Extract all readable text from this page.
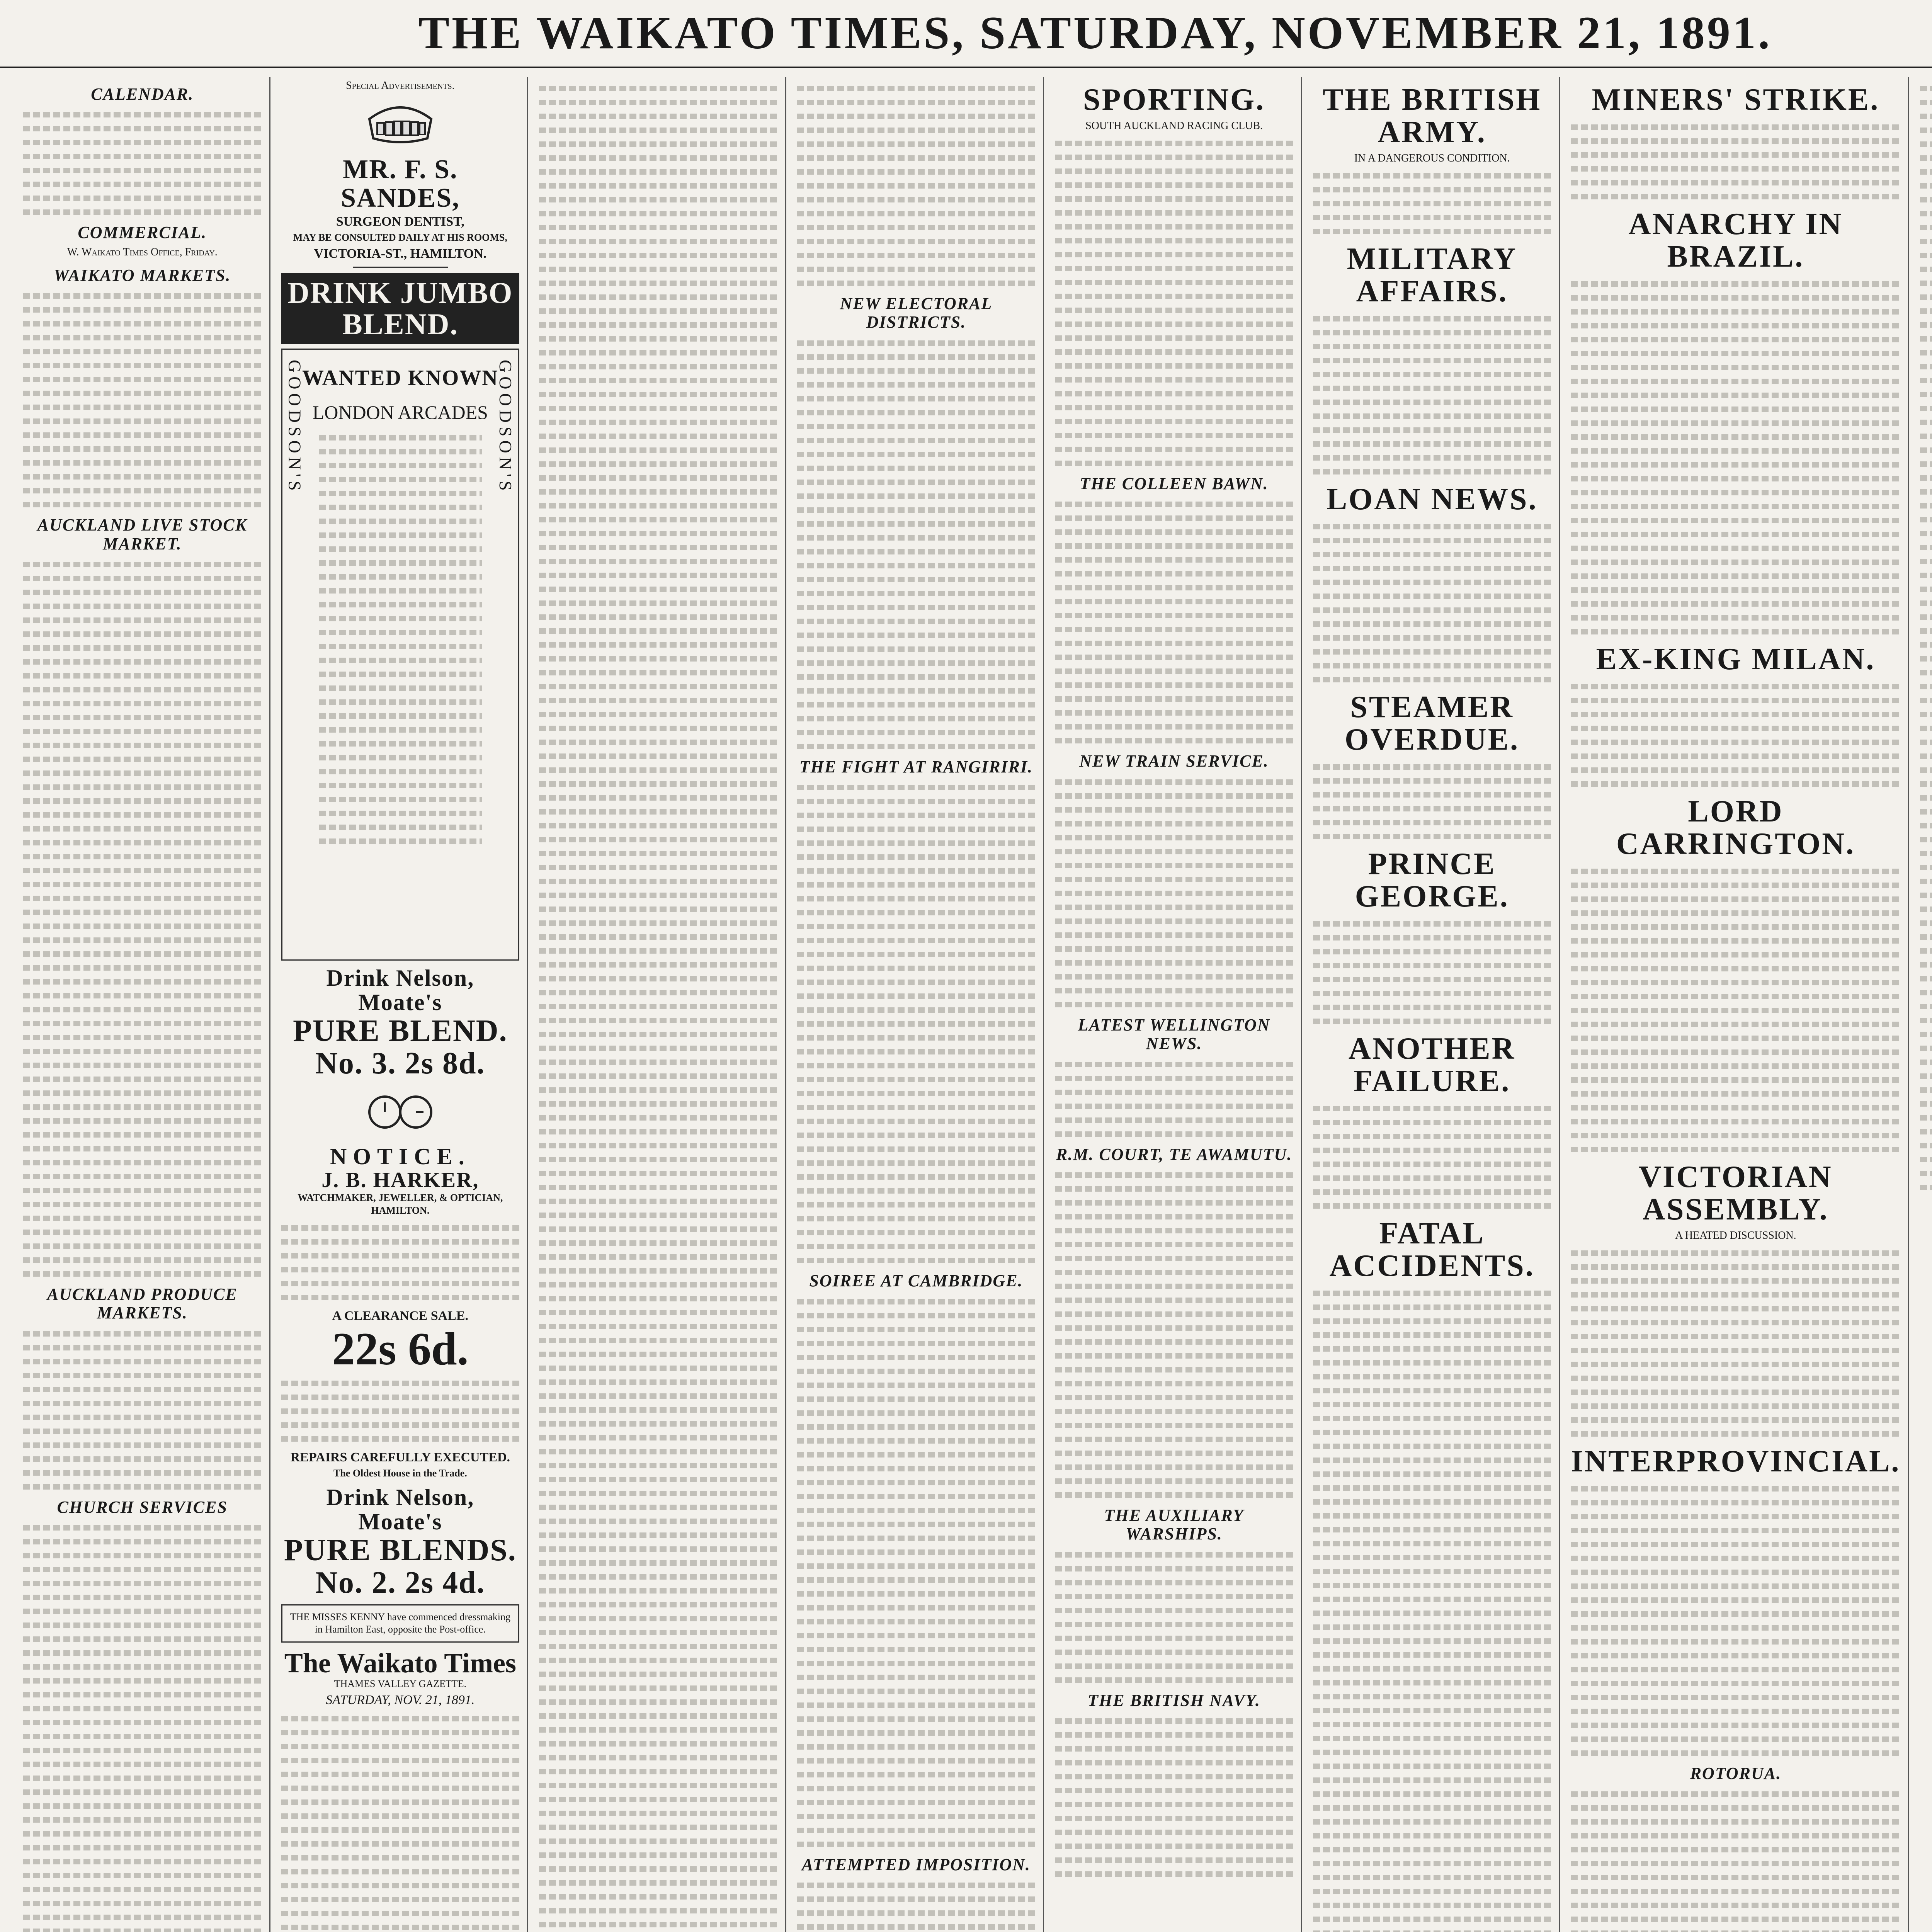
THE WAIKATO TIMES, SATURDAY, NOVEMBER 21, 1891.
CALENDAR.
COMMERCIAL.
W. Waikato Times Office, Friday.
WAIKATO MARKETS.
AUCKLAND LIVE STOCK MARKET.
AUCKLAND PRODUCE MARKETS.
CHURCH SERVICES
Special Advertisements.
MR. F. S. SANDES,
SURGEON DENTIST,
MAY BE CONSULTED DAILY AT HIS ROOMS,
VICTORIA-ST., HAMILTON.
DRINK JUMBO BLEND.
GOODSON'S	GOODSON'S
WANTED KNOWN
LONDON ARCADES
Drink Nelson, Moate's
PURE BLEND.
No. 3. 2s 8d.
NOTICE.
J. B. HARKER,
WATCHMAKER, JEWELLER, & OPTICIAN, HAMILTON.
A CLEARANCE SALE.
22s 6d.
REPAIRS CAREFULLY EXECUTED.
The Oldest House in the Trade.
Drink Nelson, Moate's
PURE BLENDS.
No. 2. 2s 4d.
THE MISSES KENNY have commenced dressmaking in Hamilton East, opposite the Post-office.
The Waikato Times
THAMES VALLEY GAZETTE.
SATURDAY, NOV. 21, 1891.
NEW ELECTORAL DISTRICTS.
THE FIGHT AT RANGIRIRI.
SOIREE AT CAMBRIDGE.
ATTEMPTED IMPOSITION.
SPORTING.
SOUTH AUCKLAND RACING CLUB.
THE COLLEEN BAWN.
NEW TRAIN SERVICE.
LATEST WELLINGTON NEWS.
R.M. COURT, TE AWAMUTU.
THE AUXILIARY WARSHIPS.
THE BRITISH NAVY.
THE BRITISH ARMY.
IN A DANGEROUS CONDITION.
MILITARY AFFAIRS.
LOAN NEWS.
STEAMER OVERDUE.
PRINCE GEORGE.
ANOTHER FAILURE.
FATAL ACCIDENTS.
MINERS' STRIKE.
ANARCHY IN BRAZIL.
EX-KING MILAN.
LORD CARRINGTON.
VICTORIAN ASSEMBLY.
A HEATED DISCUSSION.
INTERPROVINCIAL.
ROTORUA.
